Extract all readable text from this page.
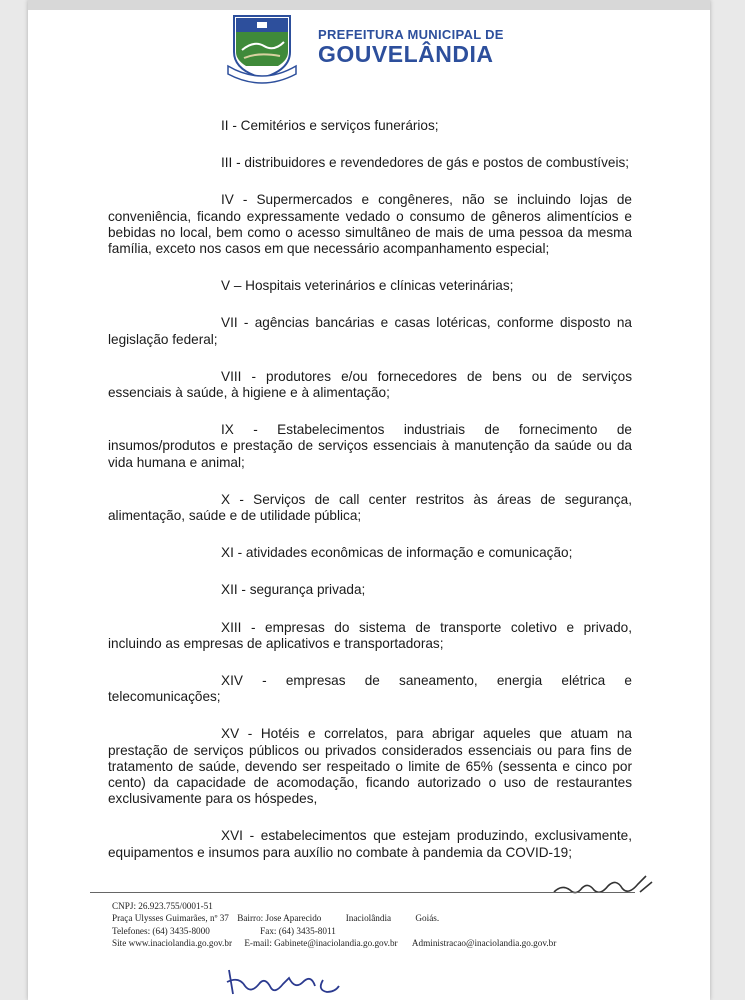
PREFEITURA MUNICIPAL DE
GOUVELÂNDIA

II - Cemitérios e serviços funerários;

III - distribuidores e revendedores de gás e postos de combustíveis;

IV - Supermercados e congêneres, não se incluindo lojas de conveniência, ficando expressamente vedado o consumo de gêneros alimentícios e bebidas no local, bem como o acesso simultâneo de mais de uma pessoa da mesma família, exceto nos casos em que necessário acompanhamento especial;

V – Hospitais veterinários e clínicas veterinárias;

VII - agências bancárias e casas lotéricas, conforme disposto na legislação federal;

VIII - produtores e/ou fornecedores de bens ou de serviços essenciais à saúde, à higiene e à alimentação;

IX - Estabelecimentos industriais de fornecimento de insumos/produtos e prestação de serviços essenciais à manutenção da saúde ou da vida humana e animal;

X - Serviços de call center restritos às áreas de segurança, alimentação, saúde e de utilidade pública;

XI - atividades econômicas de informação e comunicação;

XII - segurança privada;

XIII - empresas do sistema de transporte coletivo e privado, incluindo as empresas de aplicativos e transportadoras;

XIV - empresas de saneamento, energia elétrica e telecomunicações;

XV - Hotéis e correlatos, para abrigar aqueles que atuam na prestação de serviços públicos ou privados considerados essenciais ou para fins de tratamento de saúde, devendo ser respeitado o limite de 65% (sessenta e cinco por cento) da capacidade de acomodação, ficando autorizado o uso de restaurantes exclusivamente para os hóspedes,

XVI - estabelecimentos que estejam produzindo, exclusivamente, equipamentos e insumos para auxílio no combate à pandemia da COVID-19;

CNPJ: 26.923.755/0001-51
Praça Ulysses Guimarães, nº 37 Bairro: Jose Aparecido	Inaciolândia	Goiás.
Telefones: (64) 3435-8000	Fax: (64) 3435-8011
Site www.inaciolandia.go.gov.br E-mail: Gabinete@inaciolandia.go.gov.br Administracao@inaciolandia.go.gov.br
